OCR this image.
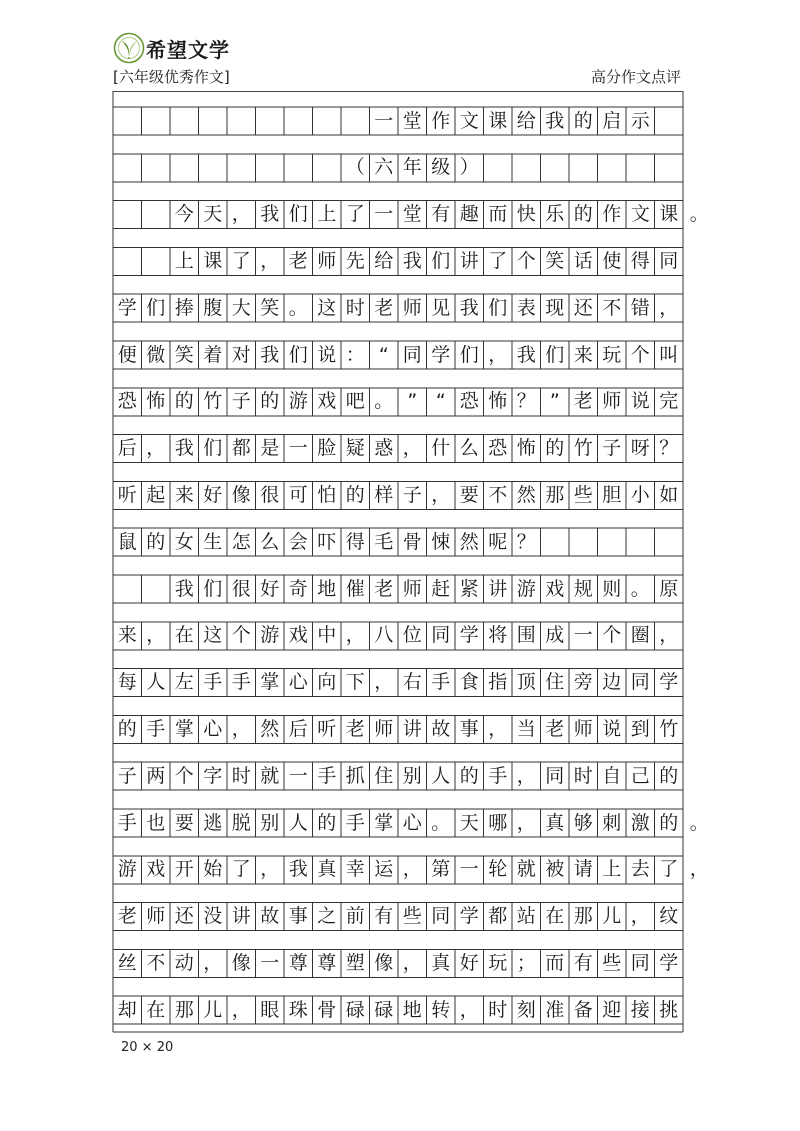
希望文学
[六年级优秀作文]	高分作文点评
一 堂 作 文 课 给 我 的 启 示
（ 六 年 级 ）
今 天 ， 我 们 上 了 一 堂 有 趣 而 快 乐 的 作 文 课 。
上 课 了 ， 老 师 先 给 我 们 讲 了 个 笑 话 使 得 同
学 们 捧 腹 大 笑 。 这 时 老 师 见 我 们 表 现 还 不 错 ，
便 微 笑 着 对 我 们 说 ： “ 同 学 们 ， 我 们 来 玩 个 叫
恐 怖 的 竹 子 的 游 戏 吧 。 ” “ 恐 怖 ？ ” 老 师 说 完
后 ， 我 们 都 是 一 脸 疑 惑 ， 什 么 恐 怖 的 竹 子 呀 ？
听 起 来 好 像 很 可 怕 的 样 子 ， 要 不 然 那 些 胆 小 如
鼠 的 女 生 怎 么 会 吓 得 毛 骨 悚 然 呢 ？
我 们 很 好 奇 地 催 老 师 赶 紧 讲 游 戏 规 则 。 原
来 ， 在 这 个 游 戏 中 ， 八 位 同 学 将 围 成 一 个 圈 ，
每 人 左 手 手 掌 心 向 下 ， 右 手 食 指 顶 住 旁 边 同 学
的 手 掌 心 ， 然 后 听 老 师 讲 故 事 ， 当 老 师 说 到 竹
子 两 个 字 时 就 一 手 抓 住 别 人 的 手 ， 同 时 自 己 的
手 也 要 逃 脱 别 人 的 手 掌 心 。 天 哪 ， 真 够 刺 激 的 。
游 戏 开 始 了 ， 我 真 幸 运 ， 第 一 轮 就 被 请 上 去 了 ，
老 师 还 没 讲 故 事 之 前 有 些 同 学 都 站 在 那 儿 ， 纹
丝 不 动 ， 像 一 尊 尊 塑 像 ， 真 好 玩 ； 而 有 些 同 学
却 在 那 儿 ， 眼 珠 骨 碌 碌 地 转 ， 时 刻 准 备 迎 接 挑
20 × 20
